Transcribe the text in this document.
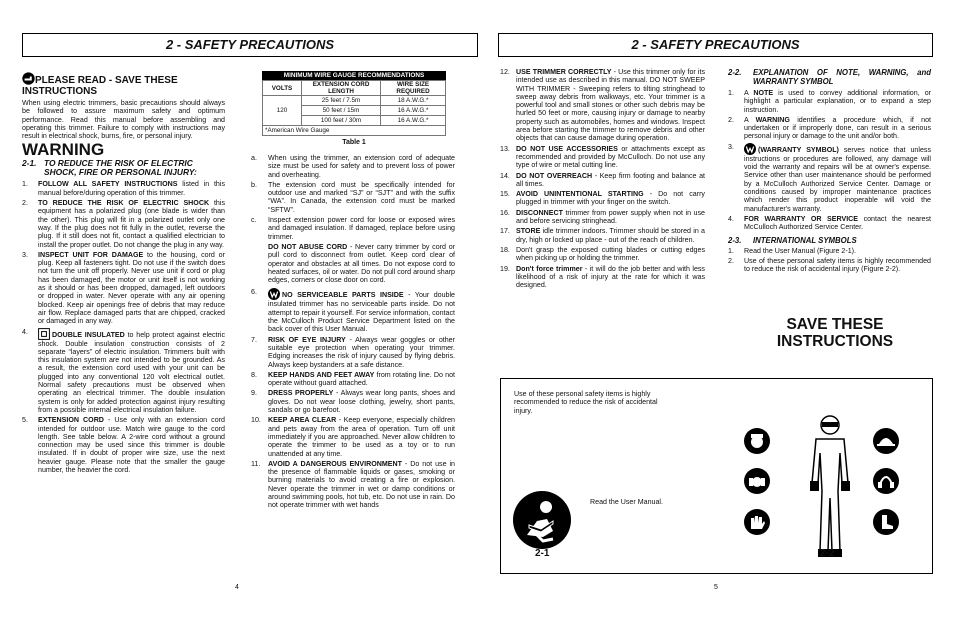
2 - SAFETY PRECAUTIONS
PLEASE READ - SAVE THESE INSTRUCTIONS

When using electric trimmers, basic precautions should always be followed to assure maximum safety and optimum performance. Read this manual before assembling and operating this trimmer. Failure to comply with instructions may result in electrical shock, burns, fire, or personal injury.

WARNING
2-1. TO REDUCE THE RISK OF ELECTRIC SHOCK, FIRE OR PERSONAL INJURY:

1. FOLLOW ALL SAFETY INSTRUCTIONS listed in this manual before/during operation of this trimmer.

2. TO REDUCE THE RISK OF ELECTRIC SHOCK this equipment has a polarized plug (one blade is wider than the other). This plug will fit in a polarized outlet only one way. If the plug does not fit fully in the outlet, reverse the plug. If it still does not fit, contact a qualified electrician to install the proper outlet. Do not change the plug in any way.

3. INSPECT UNIT FOR DAMAGE to the housing, cord or plug. Keep all fasteners tight. Do not use if the switch does not turn the unit off properly. Never use unit if cord or plug has been damaged, the motor or unit itself is not working as it should or has been dropped, damaged, left outdoors or dropped in water. Never operate with any air opening blocked. Keep air openings free of debris that may reduce air flow. Replace damaged parts that are chipped, cracked or damaged in any way.

4.	DOUBLE INSULATED to help protect against electric shock. Double insulation construction consists of 2 separate “layers” of electric insulation. Trimmers built with this insulation system are not intended to be grounded. As a result, the extension cord used with your unit can be plugged into any conventional 120 volt electrical outlet. Normal safety precautions must be observed when operating an electrical trimmer. The double insulation system is only for added protection against injury resulting from a possible internal electrical insulation failure.

5. EXTENSION CORD - Use only with an extension cord intended for outdoor use. Match wire gauge to the cord length. See table below. A 2-wire cord without a ground connection may be used since this trimmer is double insulated. If in doubt of proper wire size, use the next heavier gauge. Please note that the smaller the gauge number, the heavier the cord.

MINIMUM WIRE GAUGE RECOMMENDATIONS
VOLTS	EXTENSION CORD LENGTH	WIRE SIZE REQUIRED
120	25 feet / 7.5m	18 A.W.G.*
	50 feet / 15m	16 A.W.G.*
	100 feet / 30m	16 A.W.G.*
*American Wire Gauge		
Table 1

a. When using the trimmer, an extension cord of adequate size must be used for safety and to prevent loss of power and overheating.

b. The extension cord must be specifically intended for outdoor use and marked “SJ” or “SJT” and with the suffix “WA”. In Canada, the extension cord must be marked “SFTW”.

c. Inspect extension power cord for loose or exposed wires and damaged insulation. If damaged, replace before using trimmer.

DO NOT ABUSE CORD - Never carry trimmer by cord or pull cord to disconnect from outlet. Keep cord clear of operator and obstacles at all times. Do not expose cord to heated surfaces, oil or water. Do not pull cord around sharp edges, corners or close door on cord.

6.	NO SERVICEABLE PARTS INSIDE - Your double insulated trimmer has no serviceable parts inside. Do not attempt to repair it yourself. For service information, contact the McCulloch Product Service Department listed on the back cover of this User Manual.

7. RISK OF EYE INJURY - Always wear goggles or other suitable eye protection when operating your trimmer. Edging increases the risk of injury caused by flying debris. Always keep bystanders at a safe distance.

8. KEEP HANDS AND FEET AWAY from rotating line. Do not operate without guard attached.

9. DRESS PROPERLY - Always wear long pants, shoes and gloves. Do not wear loose clothing, jewelry, short pants, sandals or go barefoot.

10. KEEP AREA CLEAR - Keep everyone, especially children and pets away from the area of operation. Turn off unit immediately if you are approached. Never allow children to operate the trimmer to be used as a toy or to run unattended at any time.

11. AVOID A DANGEROUS ENVIRONMENT - Do not use in the presence of flammable liquids or gases, smoking or burning materials to avoid creating a fire or explosion. Never operate the trimmer in wet or damp conditions or around swimming pools, hot tub, etc. Do not use in rain. Do not operate trimmer with wet hands

4
2 - SAFETY PRECAUTIONS

12. USE TRIMMER CORRECTLY - Use this trimmer only for its intended use as described in this manual. DO NOT SWEEP WITH TRIMMER - Sweeping refers to tilting stringhead to sweep away debris from walkways, etc. Your trimmer is a powerful tool and small stones or other such debris may be hurled 50 feet or more, causing injury or damage to nearby property such as automobiles, homes and windows. Inspect area before starting the trimmer to remove debris and other objects that can cause damage during operation.

13. DO NOT USE ACCESSORIES or attachments except as recommended and provided by McCulloch. Do not use any type of wire or metal cutting line.

14. DO NOT OVERREACH - Keep firm footing and balance at all times.

15. AVOID UNINTENTIONAL STARTING - Do not carry plugged in trimmer with your finger on the switch.

16. DISCONNECT trimmer from power supply when not in use and before servicing stringhead.

17. STORE idle trimmer indoors. Trimmer should be stored in a dry, high or locked up place - out of the reach of children.

18. Don't grasp the exposed cutting blades or cutting edges when picking up or holding the trimmer.

19. Don't force trimmer - it will do the job better and with less likelihood of a risk of injury at the rate for which it was designed.

2-2. EXPLANATION OF NOTE, WARNING, and WARRANTY SYMBOL

1. A NOTE is used to convey additional information, or highlight a particular explanation, or to expand a step instruction.

2. A WARNING identifies a procedure which, if not undertaken or if improperly done, can result in a serious personal injury or damage to the unit and/or both.

3.	(WARRANTY SYMBOL) serves notice that unless instructions or procedures are followed, any damage will void the warranty and repairs will be at owner's expense. Service other than user maintenance should be performed by a McCulloch Authorized Service Center. Damage or conditions caused by improper maintenance practices which render this product inoperable will void the manufacturer's warranty.

4. FOR WARRANTY OR SERVICE contact the nearest McCulloch Authorized Service Center.

2-3. INTERNATIONAL SYMBOLS

1. Read the User Manual (Figure 2-1).

2. Use of these personal safety items is highly recommended to reduce the risk of accidental injury (Figure 2-2).

SAVE THESE INSTRUCTIONS
Use of these personal safety items is highly recommended to reduce the risk of accidental injury.
Read the User Manual.
2-1	2-2
5
